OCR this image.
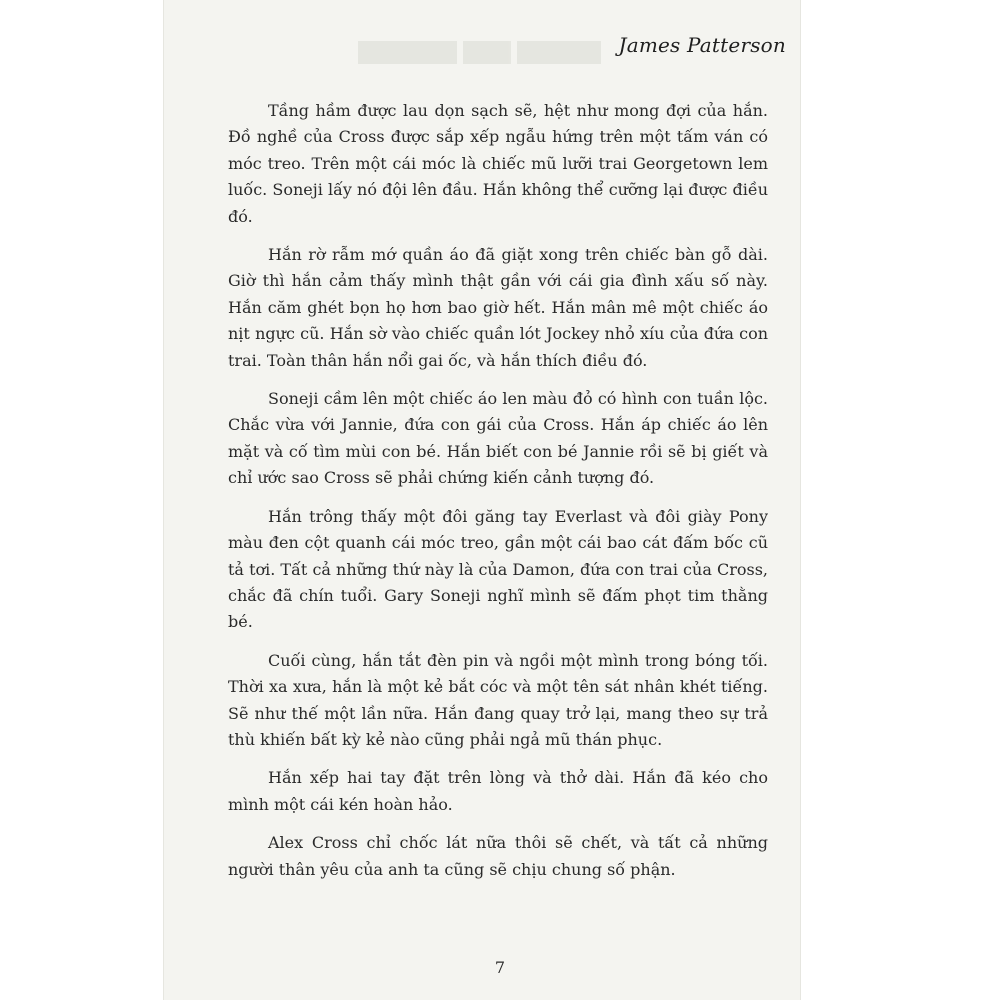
James Patterson

Tầng hầm được lau dọn sạch sẽ, hệt như mong đợi của hắn. Đồ nghề của Cross được sắp xếp ngẫu hứng trên một tấm ván có móc treo. Trên một cái móc là chiếc mũ lưỡi trai Georgetown lem luốc. Soneji lấy nó đội lên đầu. Hắn không thể cưỡng lại được điều đó.

Hắn rờ rẫm mớ quần áo đã giặt xong trên chiếc bàn gỗ dài. Giờ thì hắn cảm thấy mình thật gần với cái gia đình xấu số này. Hắn căm ghét bọn họ hơn bao giờ hết. Hắn mân mê một chiếc áo nịt ngực cũ. Hắn sờ vào chiếc quần lót Jockey nhỏ xíu của đứa con trai. Toàn thân hắn nổi gai ốc, và hắn thích điều đó.

Soneji cầm lên một chiếc áo len màu đỏ có hình con tuần lộc. Chắc vừa với Jannie, đứa con gái của Cross. Hắn áp chiếc áo lên mặt và cố tìm mùi con bé. Hắn biết con bé Jannie rồi sẽ bị giết và chỉ ước sao Cross sẽ phải chứng kiến cảnh tượng đó.

Hắn trông thấy một đôi găng tay Everlast và đôi giày Pony màu đen cột quanh cái móc treo, gần một cái bao cát đấm bốc cũ tả tơi. Tất cả những thứ này là của Damon, đứa con trai của Cross, chắc đã chín tuổi. Gary Soneji nghĩ mình sẽ đấm phọt tim thằng bé.

Cuối cùng, hắn tắt đèn pin và ngồi một mình trong bóng tối. Thời xa xưa, hắn là một kẻ bắt cóc và một tên sát nhân khét tiếng. Sẽ như thế một lần nữa. Hắn đang quay trở lại, mang theo sự trả thù khiến bất kỳ kẻ nào cũng phải ngả mũ thán phục.

Hắn xếp hai tay đặt trên lòng và thở dài. Hắn đã kéo cho mình một cái kén hoàn hảo.

Alex Cross chỉ chốc lát nữa thôi sẽ chết, và tất cả những người thân yêu của anh ta cũng sẽ chịu chung số phận.

7
